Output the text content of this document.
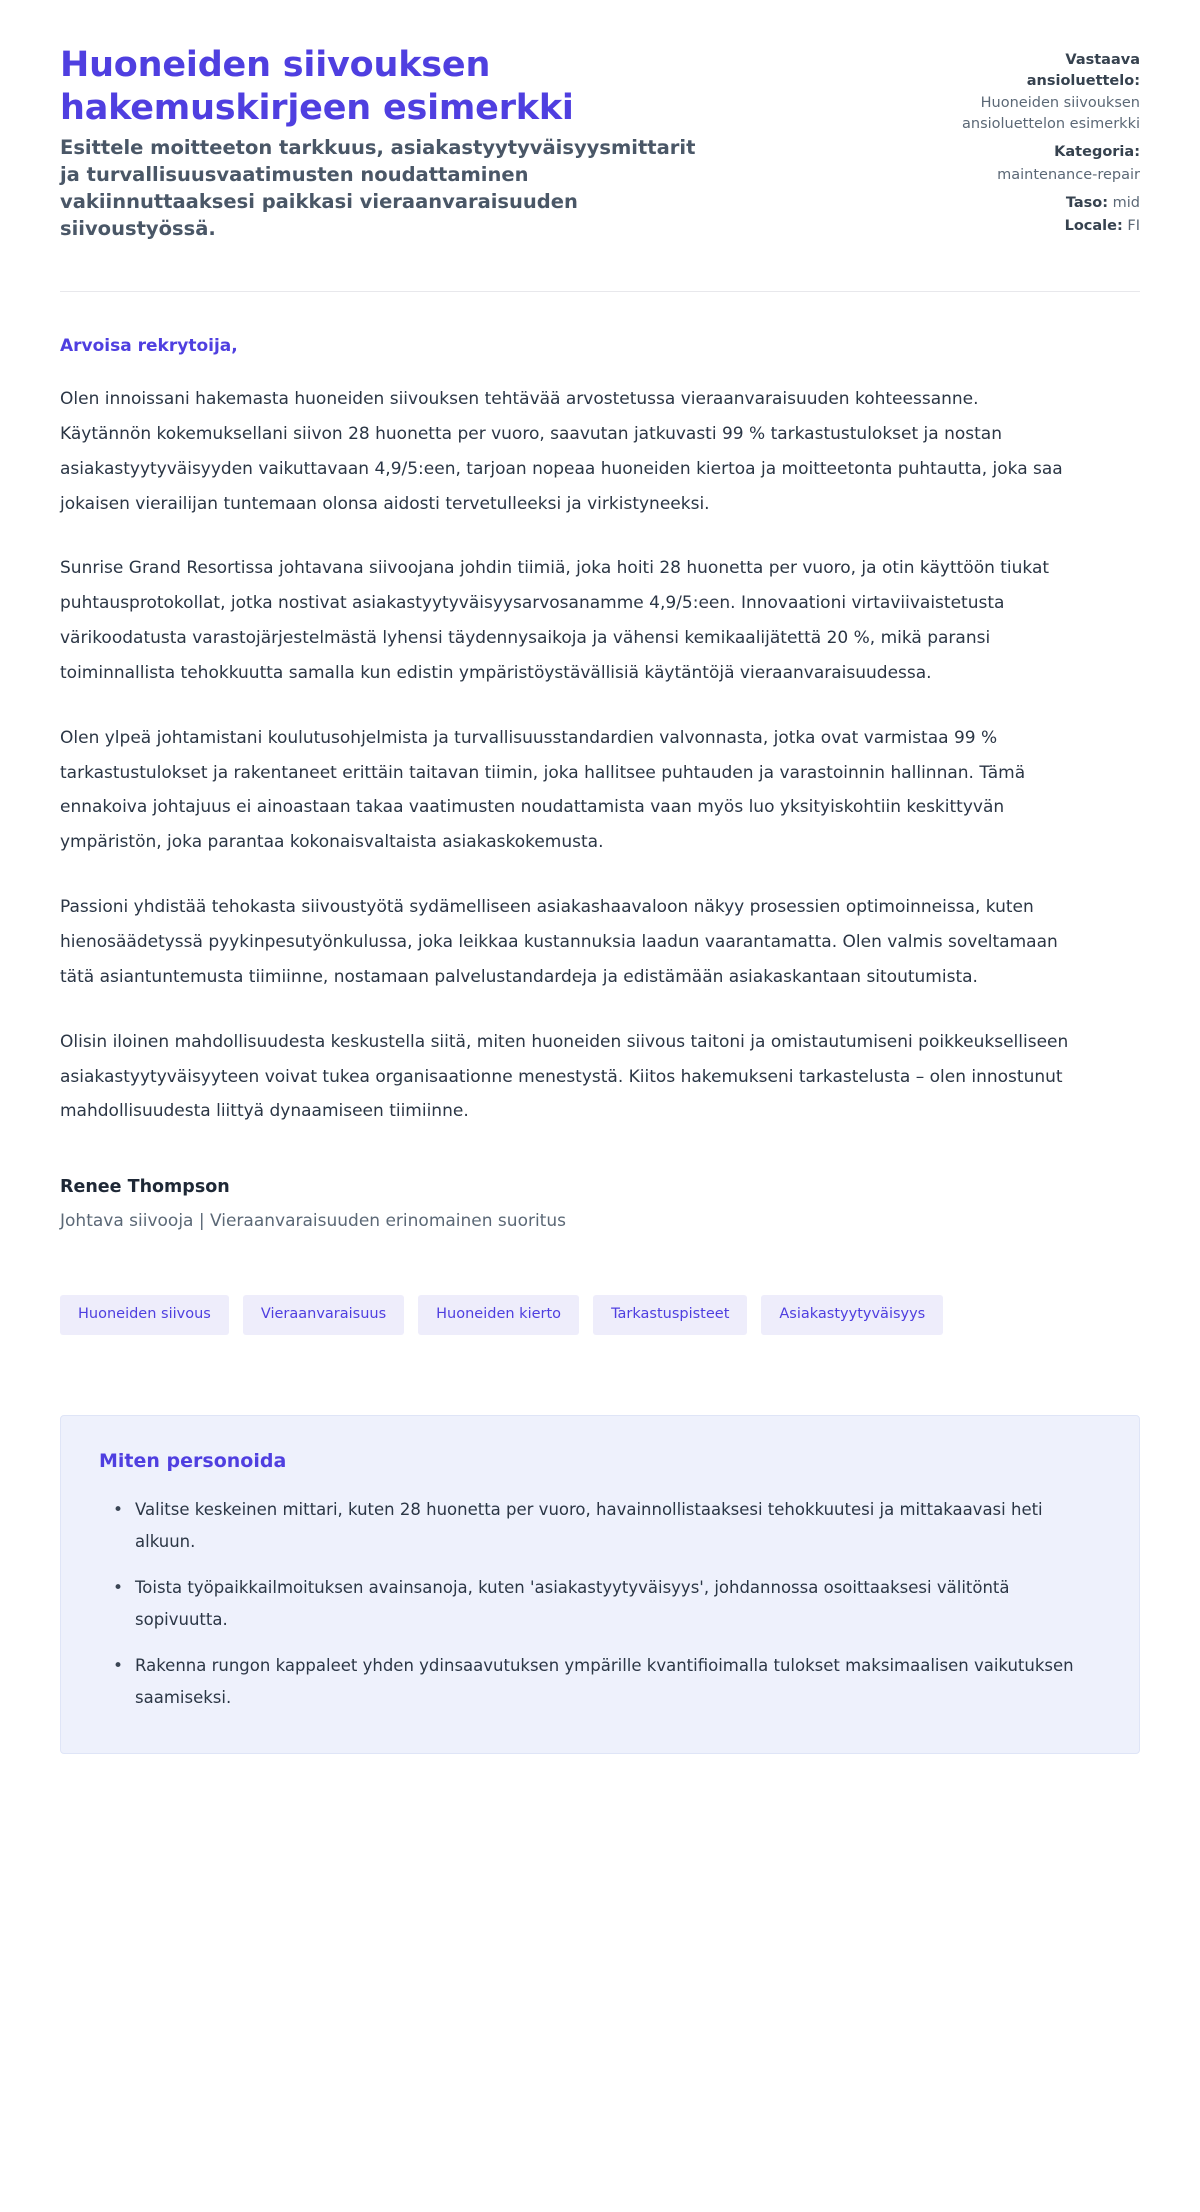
Huoneiden siivouksen hakemuskirjeen esimerkki

Esittele moitteeton tarkkuus, asiakastyytyväisyysmittarit ja turvallisuusvaatimusten noudattaminen vakiinnuttaaksesi paikkasi vieraanvaraisuuden siivoustyössä.

Vastaava ansioluettelo:
Huoneiden siivouksen ansioluettelon esimerkki
Kategoria:
maintenance-repair
Taso: mid
Locale: FI

Arvoisa rekrytoija,

Olen innoissani hakemasta huoneiden siivouksen tehtävää arvostetussa vieraanvaraisuuden kohteessanne. Käytännön kokemuksellani siivon 28 huonetta per vuoro, saavutan jatkuvasti 99 % tarkastustulokset ja nostan asiakastyytyväisyyden vaikuttavaan 4,9/5:een, tarjoan nopeaa huoneiden kiertoa ja moitteetonta puhtautta, joka saa jokaisen vierailijan tuntemaan olonsa aidosti tervetulleeksi ja virkistyneeksi.

Sunrise Grand Resortissa johtavana siivoojana johdin tiimiä, joka hoiti 28 huonetta per vuoro, ja otin käyttöön tiukat puhtausprotokollat, jotka nostivat asiakastyytyväisyysarvosanamme 4,9/5:een. Innovaationi virtaviivaistetusta värikoodatusta varastojärjestelmästä lyhensi täydennysaikoja ja vähensi kemikaalijätettä 20 %, mikä paransi toiminnallista tehokkuutta samalla kun edistin ympäristöystävällisiä käytäntöjä vieraanvaraisuudessa.

Olen ylpeä johtamistani koulutusohjelmista ja turvallisuusstandardien valvonnasta, jotka ovat varmistaa 99 % tarkastustulokset ja rakentaneet erittäin taitavan tiimin, joka hallitsee puhtauden ja varastoinnin hallinnan. Tämä ennakoiva johtajuus ei ainoastaan takaa vaatimusten noudattamista vaan myös luo yksityiskohtiin keskittyvän ympäristön, joka parantaa kokonaisvaltaista asiakaskokemusta.

Passioni yhdistää tehokasta siivoustyötä sydämelliseen asiakashaavaloon näkyy prosessien optimoinneissa, kuten hienosäädetyssä pyykinpesutyönkulussa, joka leikkaa kustannuksia laadun vaarantamatta. Olen valmis soveltamaan tätä asiantuntemusta tiimiinne, nostamaan palvelustandardeja ja edistämään asiakaskantaan sitoutumista.

Olisin iloinen mahdollisuudesta keskustella siitä, miten huoneiden siivous taitoni ja omistautumiseni poikkeukselliseen asiakastyytyväisyyteen voivat tukea organisaationne menestystä. Kiitos hakemukseni tarkastelusta – olen innostunut mahdollisuudesta liittyä dynaamiseen tiimiinne.

Renee Thompson

Johtava siivooja | Vieraanvaraisuuden erinomainen suoritus

Huoneiden siivous	Vieraanvaraisuus	Huoneiden kierto	Tarkastuspisteet	Asiakastyytyväisyys
Miten personoida
• Valitse keskeinen mittari, kuten 28 huonetta per vuoro, havainnollistaaksesi tehokkuutesi ja mittakaavasi heti alkuun.
• Toista työpaikkailmoituksen avainsanoja, kuten 'asiakastyytyväisyys', johdannossa osoittaaksesi välitöntä sopivuutta.
• Rakenna rungon kappaleet yhden ydinsaavutuksen ympärille kvantifioimalla tulokset maksimaalisen vaikutuksen saamiseksi.
